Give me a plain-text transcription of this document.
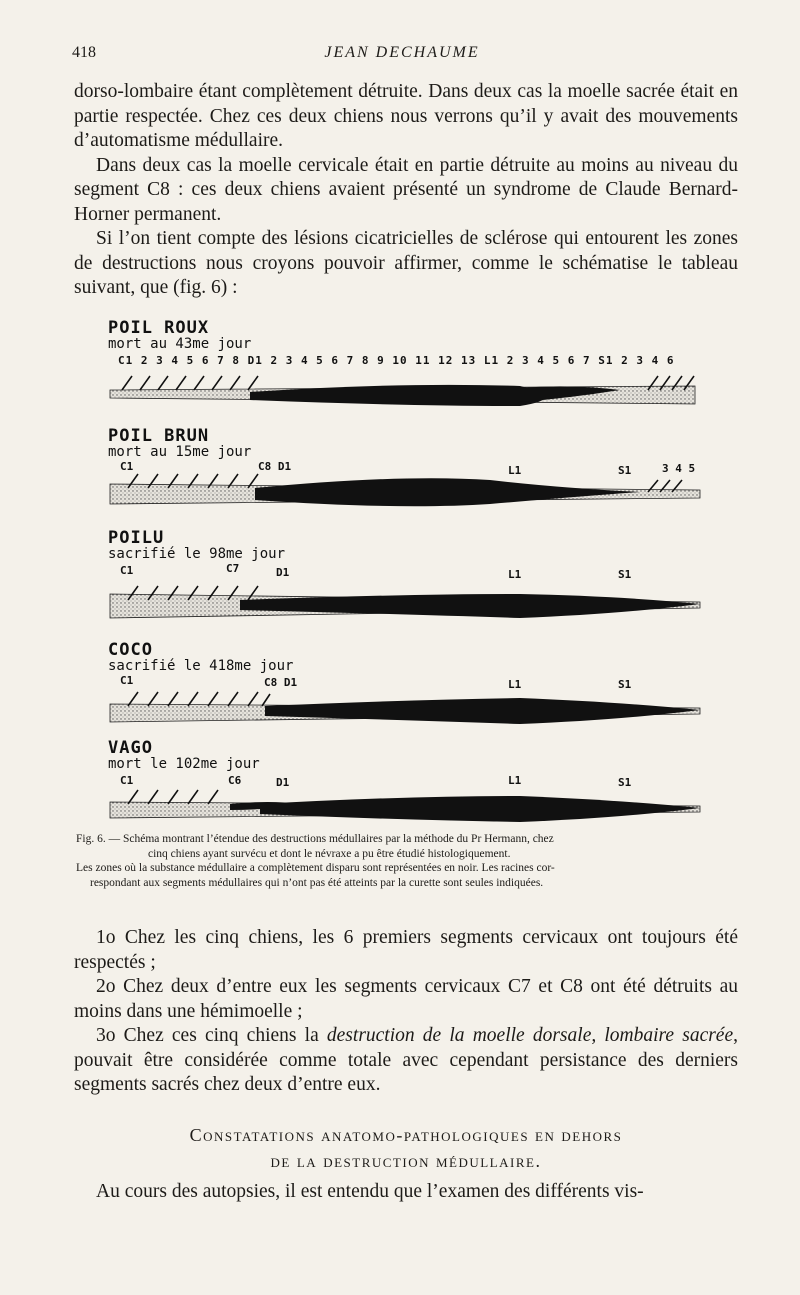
418	JEAN DECHAUME

dorso-lombaire étant complètement détruite. Dans deux cas la moelle sacrée était en partie respectée. Chez ces deux chiens nous verrons qu’il y avait des mouvements d’automatisme médullaire.

Dans deux cas la moelle cervicale était en partie détruite au moins au niveau du segment C8 : ces deux chiens avaient présenté un syndrome de Claude Bernard-Horner permanent.

Si l’on tient compte des lésions cicatricielles de sclérose qui entourent les zones de destructions nous croyons pouvoir affirmer, comme le schématise le tableau suivant, que (fig. 6) :

POIL ROUX
mort au 43me jour
C1 2 3 4 5 6 7 8 D1 2 3 4 5 6 7 8 9 10 11 12 13 L1 2 3 4 5 6 7 S1 2 3 4 6
POIL BRUN
mort au 15me jour
C1	C8 D1	L1	S1	3 4 5
POILU
sacrifié le 98me jour
C1	C7	D1	L1	S1
COCO
sacrifié le 418me jour
C1	C8 D1	L1	S1
VAGO
mort le 102me jour
C1	C6	D1	L1	S1

Fig. 6. — Schéma montrant l’étendue des destructions médullaires par la méthode du Pr Hermann, chez

cinq chiens ayant survécu et dont le névraxe a pu être étudié histologiquement.

Les zones où la substance médullaire a complètement disparu sont représentées en noir. Les racines cor-

respondant aux segments médullaires qui n’ont pas été atteints par la curette sont seules indiquées.

1o Chez les cinq chiens, les 6 premiers segments cervicaux ont toujours été respectés ;

2o Chez deux d’entre eux les segments cervicaux C7 et C8 ont été détruits au moins dans une hémimoelle ;

3o Chez ces cinq chiens la destruction de la moelle dorsale, lombaire sacrée, pouvait être considérée comme totale avec cependant persistance des derniers segments sacrés chez deux d’entre eux.

Constatations anatomo-pathologiques en dehors
de la destruction médullaire.
Au cours des autopsies, il est entendu que l’examen des différents vis-
